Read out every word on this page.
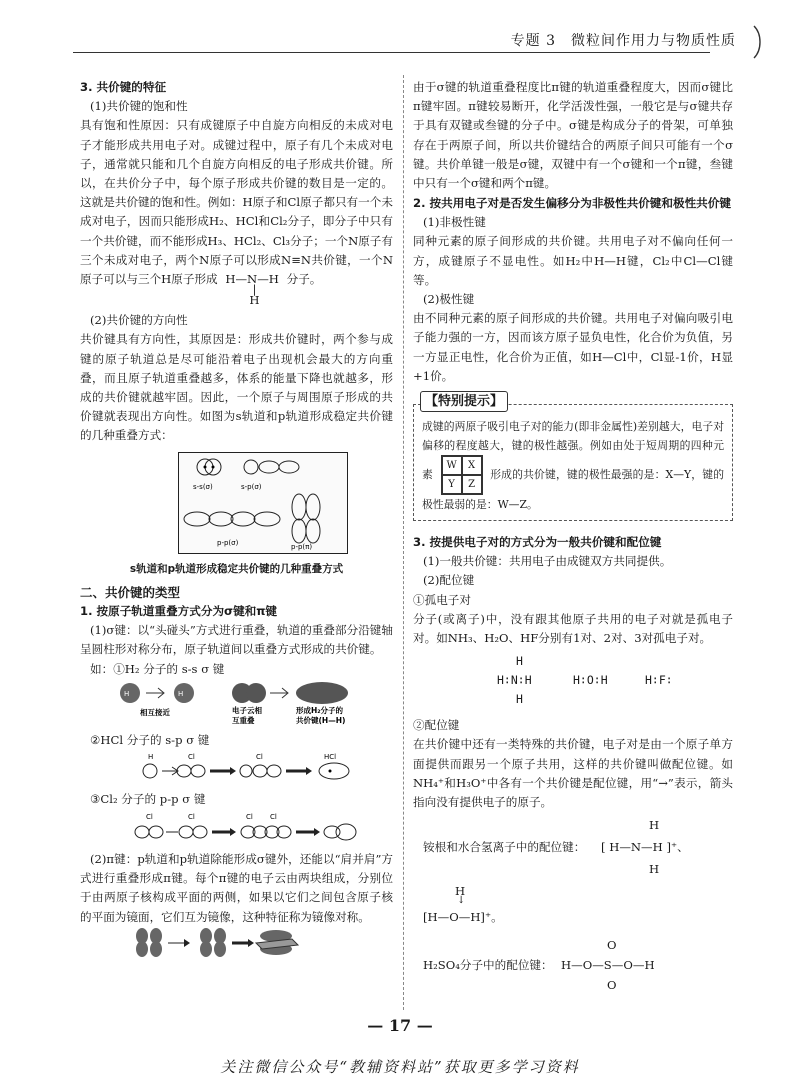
专题 3　微粒间作用力与物质性质

3. 共价键的特征

(1)共价键的饱和性

具有饱和性原因：只有成键原子中自旋方向相反的未成对电子才能形成共用电子对。成键过程中，原子有几个未成对电子，通常就只能和几个自旋方向相反的电子形成共价键。所以，在共价分子中，每个原子形成共价键的数目是一定的。这就是共价键的饱和性。例如：H原子和Cl原子都只有一个未成对电子，因而只能形成H₂、HCl和Cl₂分子，即分子中只有一个共价键，而不能形成H₃、HCl₂、Cl₃分子；一个N原子有三个未成对电子，两个N原子可以形成N≡N共价键，一个N原子可以与三个H原子形成 H—N—H
|
H
分子。

(2)共价键的方向性

共价键具有方向性，其原因是：形成共价键时，两个参与成键的原子轨道总是尽可能沿着电子出现机会最大的方向重叠，而且原子轨道重叠越多，体系的能量下降也就越多，形成的共价键就越牢固。因此，一个原子与周围原子形成的共价键就表现出方向性。如图为s轨道和p轨道形成稳定共价键的几种重叠方式：

s-s(σ)	s-p(σ)
p-p(σ)	p-p(π)

s轨道和p轨道形成稳定共价键的几种重叠方式

二、共价键的类型

1. 按原子轨道重叠方式分为σ键和π键

(1)σ键：以“头碰头”方式进行重叠，轨道的重叠部分沿键轴呈圆柱形对称分布，原子轨道间以重叠方式形成的共价键。

如：①H₂ 分子的 s-s σ 键

H	H
相互接近	电子云相
互重叠
形成H₂分子的
共价键(H—H)

②HCl 分子的 s-p σ 键

H	Cl	Cl	HCl

③Cl₂ 分子的 p-p σ 键

Cl	Cl	Cl Cl

(2)π键：p轨道和p轨道除能形成σ键外，还能以“肩并肩”方式进行重叠形成π键。每个π键的电子云由两块组成，分别位于由两原子核构成平面的两侧，如果以它们之间包含原子核的平面为镜面，它们互为镜像，这种特征称为镜像对称。

由于σ键的轨道重叠程度比π键的轨道重叠程度大，因而σ键比π键牢固。π键较易断开，化学活泼性强，一般它是与σ键共存于具有双键或叁键的分子中。σ键是构成分子的骨架，可单独存在于两原子间，所以共价键结合的两原子间只可能有一个σ键。共价单键一般是σ键，双键中有一个σ键和一个π键，叁键中只有一个σ键和两个π键。

2. 按共用电子对是否发生偏移分为非极性共价键和极性共价键

(1)非极性键

同种元素的原子间形成的共价键。共用电子对不偏向任何一方，成键原子不显电性。如H₂中H—H键，Cl₂中Cl—Cl键等。

(2)极性键

由不同种元素的原子间形成的共价键。共用电子对偏向吸引电子能力强的一方，因而该方原子显负电性，化合价为负值，另一方显正电性，化合价为正值，如H—Cl中，Cl显-1价，H显+1价。

【特别提示】

成键的两原子吸引电子对的能力(即非金属性)差别越大，电子对偏移的程度越大，键的极性越强。例如由处于短周期的四种元素
W	X
Y	Z
形成的共价键，键的极性最强的是：X—Y，键的极性最弱的是：W—Z。

3. 按提供电子对的方式分为一般共价键和配位键

(1)一般共价键：共用电子由成键双方共同提供。

(2)配位键

①孤电子对

分子(或离子)中，没有跟其他原子共用的电子对就是孤电子对。如NH₃、H₂O、HF分别有1对、2对、3对孤电子对。

H
H∶N∶H
H
H∶O∶H	H∶F∶

②配位键

在共价键中还有一类特殊的共价键，电子对是由一个原子单方面提供而跟另一个原子共用，这样的共价键叫做配位键。如NH₄⁺和H₃O⁺中各有一个共价键是配位键，用“→”表示，箭头指向没有提供电子的原子。

铵根和水合氢离子中的配位键：
H
[ H—N—H ]⁺、
H
H
↓
[H—O—H]⁺。
O
H₂SO₄分子中的配位键： H—O—S—O—H
O
— 17 —
关注微信公众号“教辅资料站”获取更多学习资料
